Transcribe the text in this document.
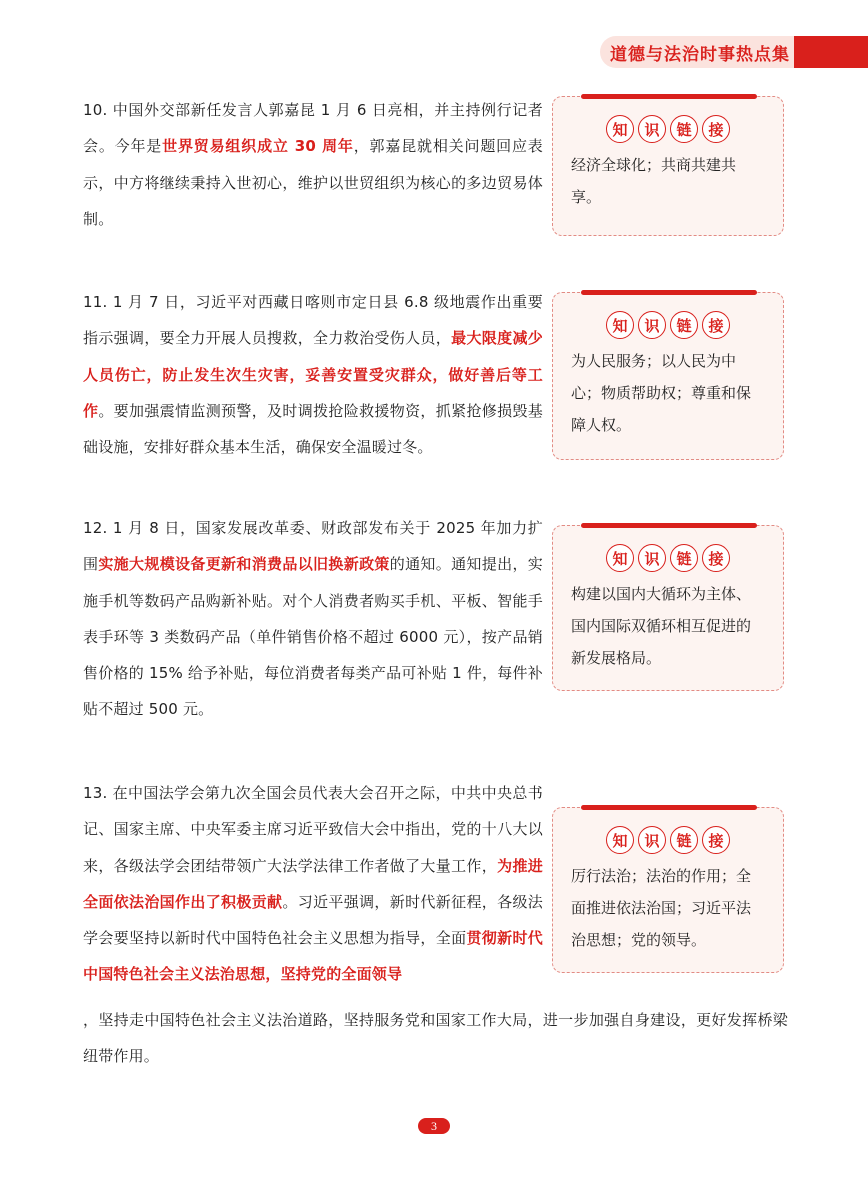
道德与法治时事热点集
10. 中国外交部新任发言人郭嘉昆 1 月 6 日亮相，并主持例行记者会。今年是世界贸易组织成立 30 周年，郭嘉昆就相关问题回应表示，中方将继续秉持入世初心，维护以世贸组织为核心的多边贸易体制。
知	识	链	接
经济全球化；共商共建共享。
11. 1 月 7 日，习近平对西藏日喀则市定日县 6.8 级地震作出重要指示强调，要全力开展人员搜救，全力救治受伤人员，最大限度减少人员伤亡，防止发生次生灾害，妥善安置受灾群众，做好善后等工作。要加强震情监测预警，及时调拨抢险救援物资，抓紧抢修损毁基础设施，安排好群众基本生活，确保安全温暖过冬。
知	识	链	接
为人民服务；以人民为中心；物质帮助权；尊重和保障人权。
12. 1 月 8 日，国家发展改革委、财政部发布关于 2025 年加力扩围实施大规模设备更新和消费品以旧换新政策的通知。通知提出，实施手机等数码产品购新补贴。对个人消费者购买手机、平板、智能手表手环等 3 类数码产品（单件销售价格不超过 6000 元），按产品销售价格的 15% 给予补贴，每位消费者每类产品可补贴 1 件，每件补贴不超过 500 元。
知	识	链	接
构建以国内大循环为主体、国内国际双循环相互促进的新发展格局。
13. 在中国法学会第九次全国会员代表大会召开之际，中共中央总书记、国家主席、中央军委主席习近平致信大会中指出，党的十八大以来，各级法学会团结带领广大法学法律工作者做了大量工作，为推进全面依法治国作出了积极贡献。习近平强调，新时代新征程，各级法学会要坚持以新时代中国特色社会主义思想为指导，全面贯彻新时代中国特色社会主义法治思想，坚持党的全面领导
，坚持走中国特色社会主义法治道路，坚持服务党和国家工作大局，进一步加强自身建设，更好发挥桥梁纽带作用。
知	识	链	接
厉行法治；法治的作用；全面推进依法治国；习近平法治思想；党的领导。
3
